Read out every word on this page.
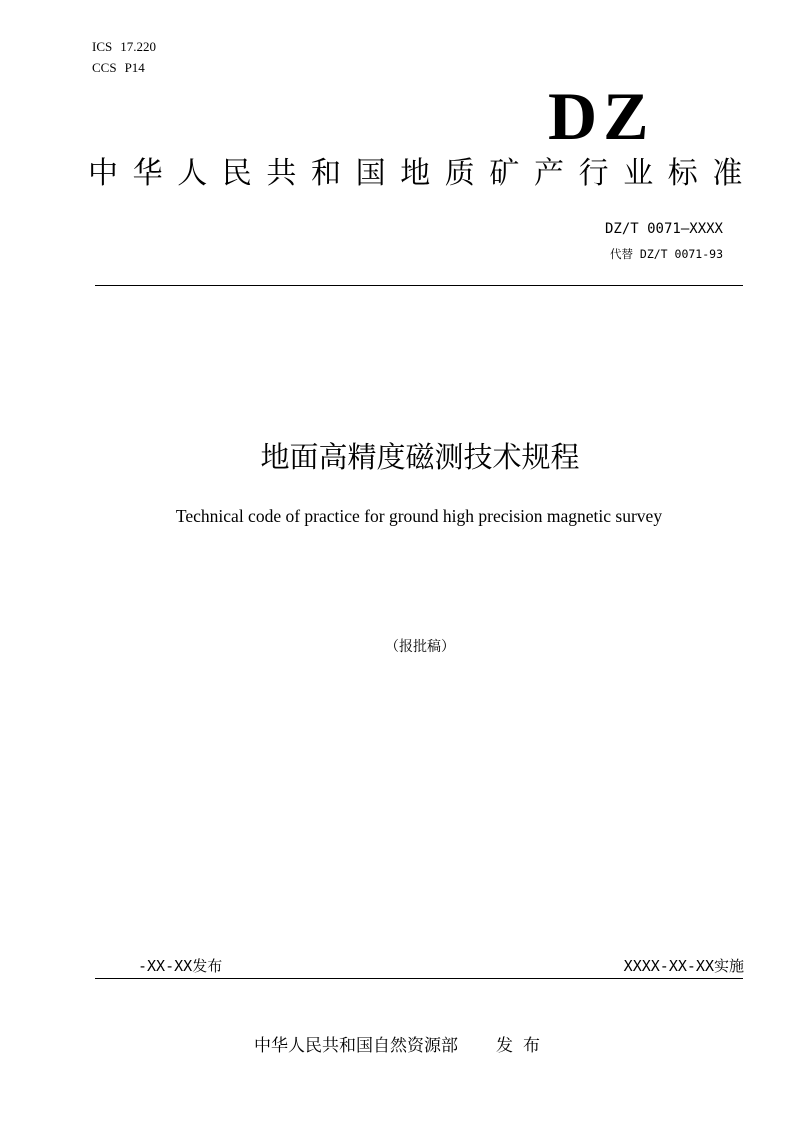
ICS 17.220
CCS P14
DZ
中华人民共和国地质矿产行业标准
DZ/T 0071—XXXX
代替 DZ/T 0071-93
地面高精度磁测技术规程
Technical code of practice for ground high precision magnetic survey
（报批稿）
-XX-XX发布	XXXX-XX-XX实施
中华人民共和国自然资源部 发布
